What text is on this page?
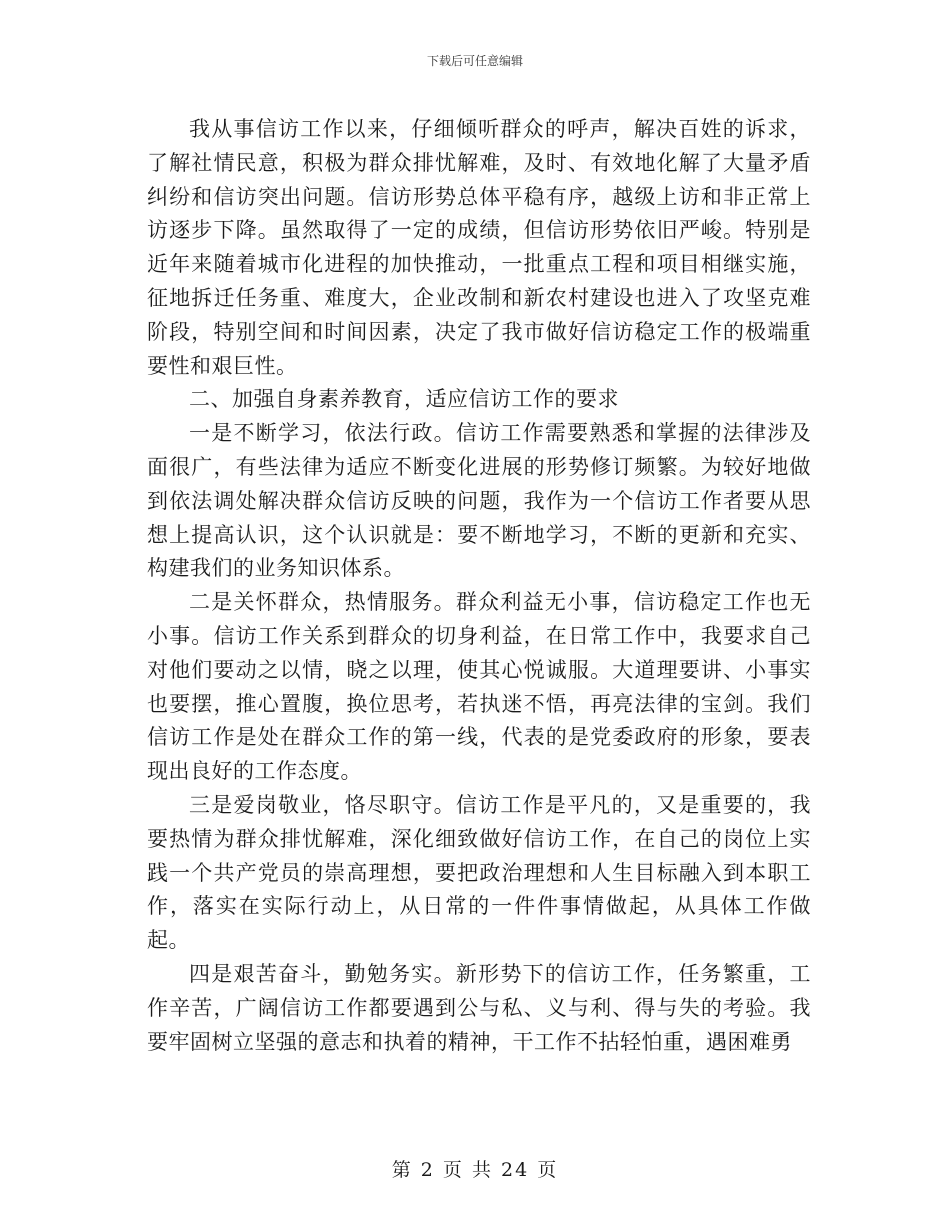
下载后可任意编辑

我从事信访工作以来，仔细倾听群众的呼声，解决百姓的诉求，了解社情民意，积极为群众排忧解难，及时、有效地化解了大量矛盾纠纷和信访突出问题。信访形势总体平稳有序，越级上访和非正常上访逐步下降。虽然取得了一定的成绩，但信访形势依旧严峻。特别是近年来随着城市化进程的加快推动，一批重点工程和项目相继实施，征地拆迁任务重、难度大，企业改制和新农村建设也进入了攻坚克难阶段，特别空间和时间因素，决定了我市做好信访稳定工作的极端重要性和艰巨性。

二、加强自身素养教育，适应信访工作的要求

一是不断学习，依法行政。信访工作需要熟悉和掌握的法律涉及面很广，有些法律为适应不断变化进展的形势修订频繁。为较好地做到依法调处解决群众信访反映的问题，我作为一个信访工作者要从思想上提高认识，这个认识就是：要不断地学习，不断的更新和充实、构建我们的业务知识体系。

二是关怀群众，热情服务。群众利益无小事，信访稳定工作也无小事。信访工作关系到群众的切身利益，在日常工作中，我要求自己对他们要动之以情，晓之以理，使其心悦诚服。大道理要讲、小事实也要摆，推心置腹，换位思考，若执迷不悟，再亮法律的宝剑。我们信访工作是处在群众工作的第一线，代表的是党委政府的形象，要表现出良好的工作态度。

三是爱岗敬业，恪尽职守。信访工作是平凡的，又是重要的，我要热情为群众排忧解难，深化细致做好信访工作，在自己的岗位上实践一个共产党员的崇高理想，要把政治理想和人生目标融入到本职工作，落实在实际行动上，从日常的一件件事情做起，从具体工作做起。

四是艰苦奋斗，勤勉务实。新形势下的信访工作，任务繁重，工作辛苦，广阔信访工作都要遇到公与私、义与利、得与失的考验。我要牢固树立坚强的意志和执着的精神，干工作不拈轻怕重，遇困难勇

第 2 页 共 24 页
